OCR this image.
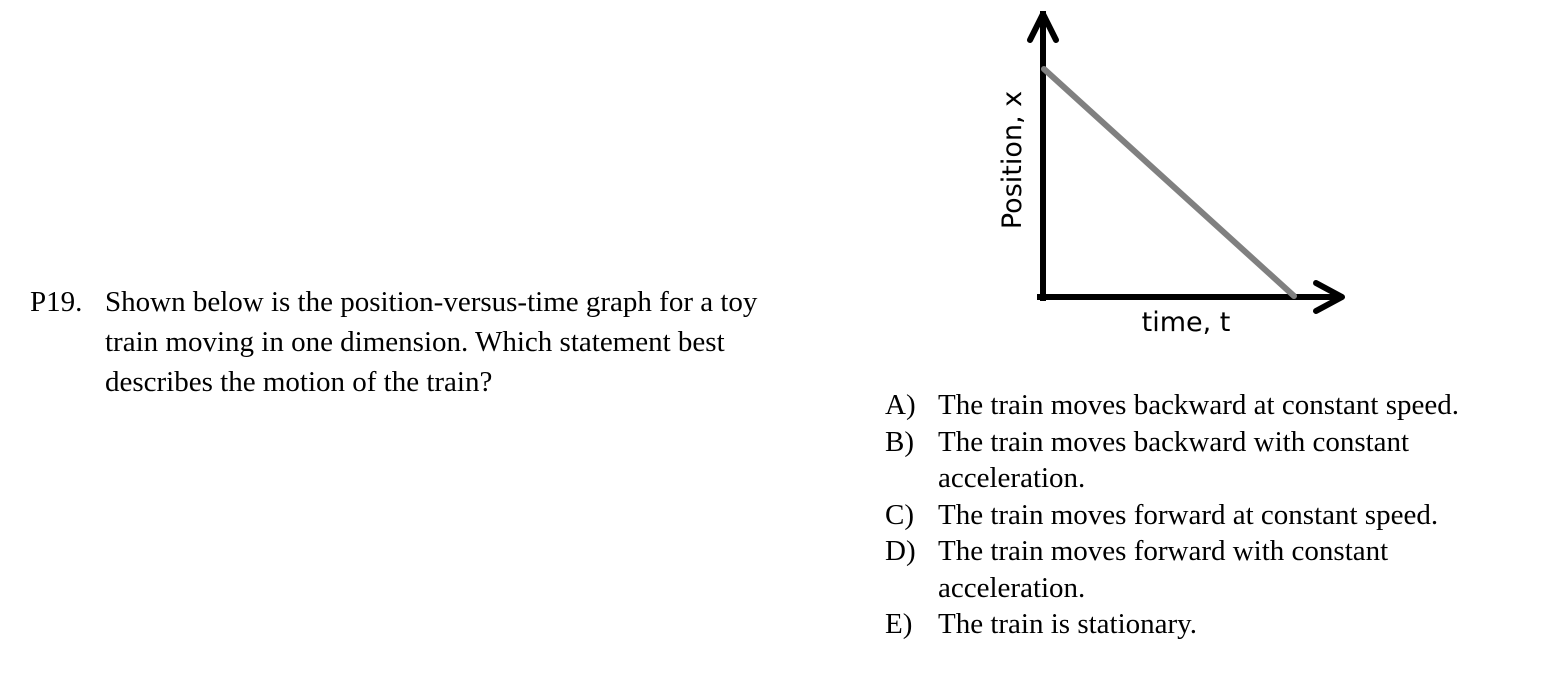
P19. Shown below is the position-versus-time graph for a toy train moving in one dimension. Which statement best describes the motion of the train?
Position, x
time, t
A) The train moves backward at constant speed.
B) The train moves backward with constant acceleration.
C) The train moves forward at constant speed.
D) The train moves forward with constant acceleration.
E) The train is stationary.
